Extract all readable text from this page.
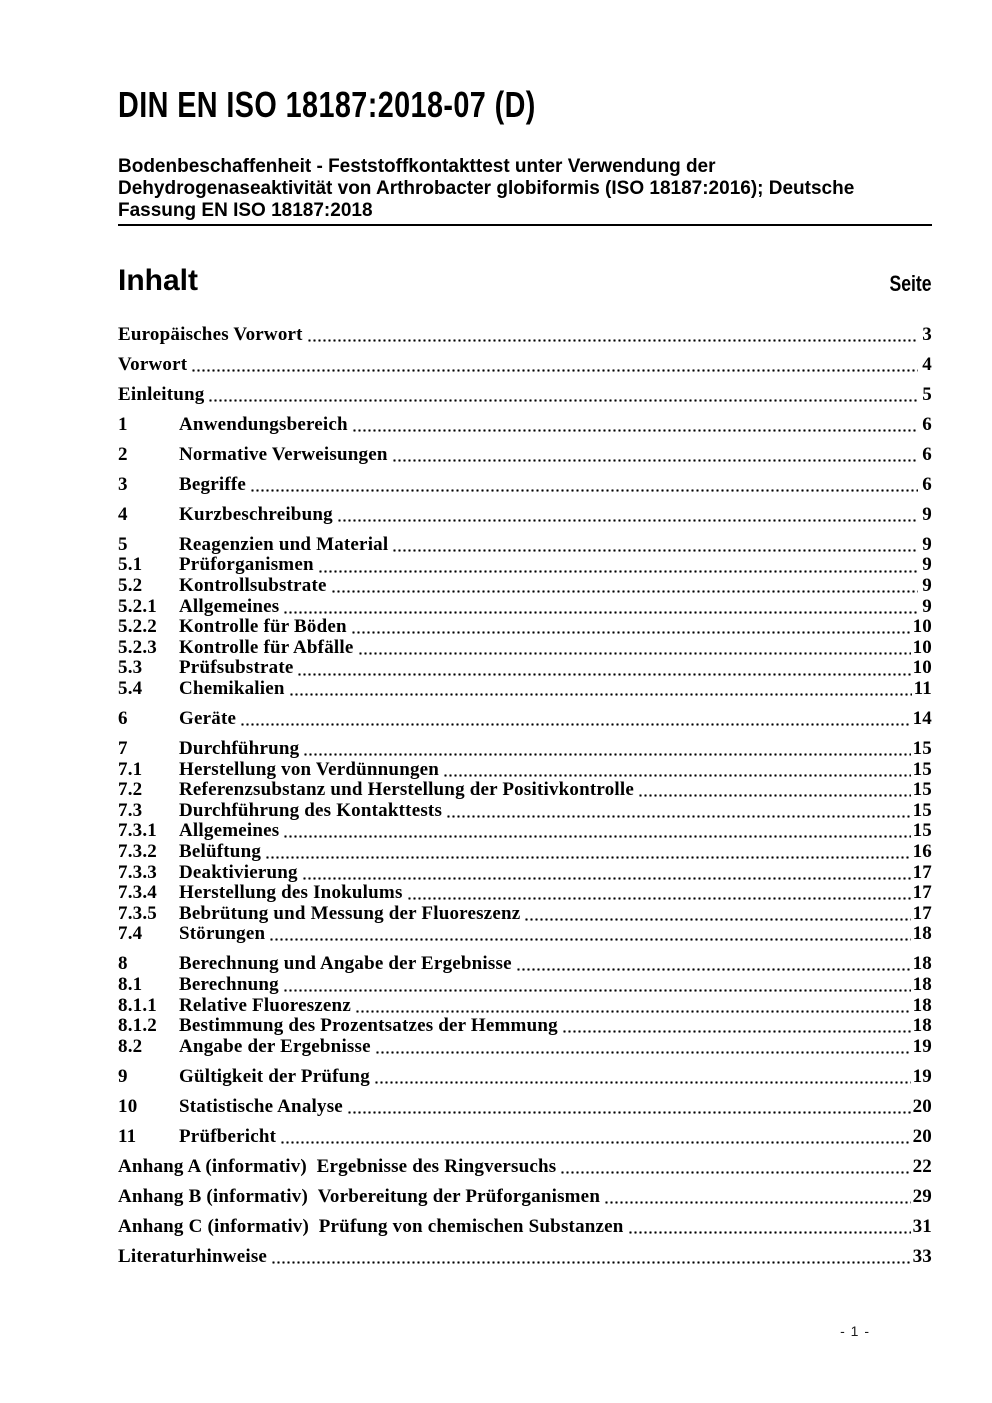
DIN EN ISO 18187:2018-07 (D)
Bodenbeschaffenheit - Feststoffkontakttest unter Verwendung der
Dehydrogenaseaktivität von Arthrobacter globiformis (ISO 18187:2016); Deutsche
Fassung EN ISO 18187:2018
Inhalt	Seite
Europäisches Vorwort	3
Vorwort	4
Einleitung	5
1	Anwendungsbereich	6
2	Normative Verweisungen	6
3	Begriffe	6
4	Kurzbeschreibung	9
5	Reagenzien und Material	9
5.1	Prüforganismen	9
5.2	Kontrollsubstrate	9
5.2.1	Allgemeines	9
5.2.2	Kontrolle für Böden	10
5.2.3	Kontrolle für Abfälle	10
5.3	Prüfsubstrate	10
5.4	Chemikalien	11
6	Geräte	14
7	Durchführung	15
7.1	Herstellung von Verdünnungen	15
7.2	Referenzsubstanz und Herstellung der Positivkontrolle	15
7.3	Durchführung des Kontakttests	15
7.3.1	Allgemeines	15
7.3.2	Belüftung	16
7.3.3	Deaktivierung	17
7.3.4	Herstellung des Inokulums	17
7.3.5	Bebrütung und Messung der Fluoreszenz	17
7.4	Störungen	18
8	Berechnung und Angabe der Ergebnisse	18
8.1	Berechnung	18
8.1.1	Relative Fluoreszenz	18
8.1.2	Bestimmung des Prozentsatzes der Hemmung	18
8.2	Angabe der Ergebnisse	19
9	Gültigkeit der Prüfung	19
10	Statistische Analyse	20
11	Prüfbericht	20
Anhang A (informativ) Ergebnisse des Ringversuchs	22
Anhang B (informativ) Vorbereitung der Prüforganismen	29
Anhang C (informativ) Prüfung von chemischen Substanzen	31
Literaturhinweise	33
- 1 -
